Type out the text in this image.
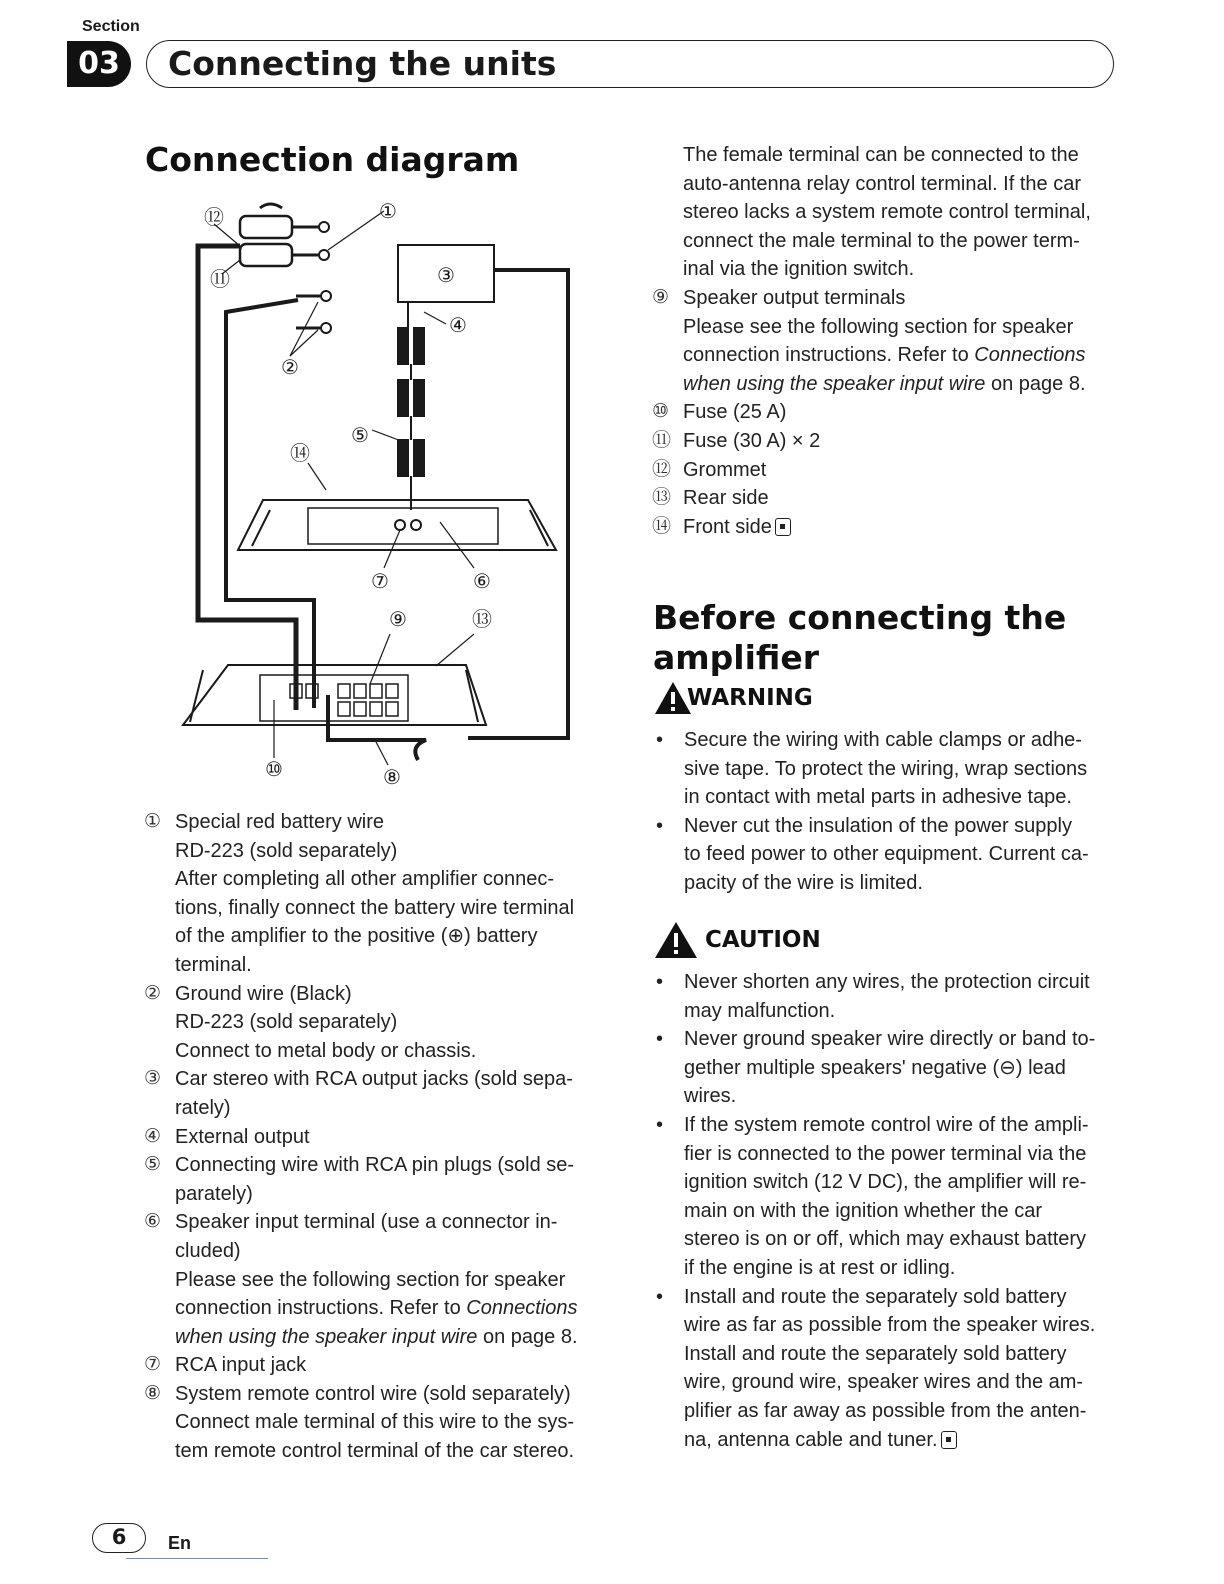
Section
03	Connecting the units
Connection diagram
①
②
③
④
⑤
⑥
⑦
⑧
⑨
⑩
⑪
⑫
⑬
⑭
① Special red battery wire
RD-223 (sold separately)
After completing all other amplifier connec-
tions, finally connect the battery wire terminal
of the amplifier to the positive (⊕) battery
terminal.
② Ground wire (Black)
RD-223 (sold separately)
Connect to metal body or chassis.
③ Car stereo with RCA output jacks (sold sepa-
rately)
④ External output
⑤ Connecting wire with RCA pin plugs (sold se-
parately)
⑥ Speaker input terminal (use a connector in-
cluded)
Please see the following section for speaker
connection instructions. Refer to Connections
when using the speaker input wire on page 8.
⑦ RCA input jack
⑧ System remote control wire (sold separately)
Connect male terminal of this wire to the sys-
tem remote control terminal of the car stereo.
The female terminal can be connected to the
auto-antenna relay control terminal. If the car
stereo lacks a system remote control terminal,
connect the male terminal to the power term-
inal via the ignition switch.
⑨ Speaker output terminals
Please see the following section for speaker
connection instructions. Refer to Connections
when using the speaker input wire on page 8.
⑩ Fuse (25 A)
⑪ Fuse (30 A) × 2
⑫ Grommet
⑬ Rear side
⑭ Front side
Before connecting the amplifier
WARNING
• Secure the wiring with cable clamps or adhe-
sive tape. To protect the wiring, wrap sections
in contact with metal parts in adhesive tape.
• Never cut the insulation of the power supply
to feed power to other equipment. Current ca-
pacity of the wire is limited.
CAUTION
• Never shorten any wires, the protection circuit
may malfunction.
• Never ground speaker wire directly or band to-
gether multiple speakers' negative (⊖) lead
wires.
• If the system remote control wire of the ampli-
fier is connected to the power terminal via the
ignition switch (12 V DC), the amplifier will re-
main on with the ignition whether the car
stereo is on or off, which may exhaust battery
if the engine is at rest or idling.
• Install and route the separately sold battery
wire as far as possible from the speaker wires.
Install and route the separately sold battery
wire, ground wire, speaker wires and the am-
plifier as far away as possible from the anten-
na, antenna cable and tuner.
6	En
